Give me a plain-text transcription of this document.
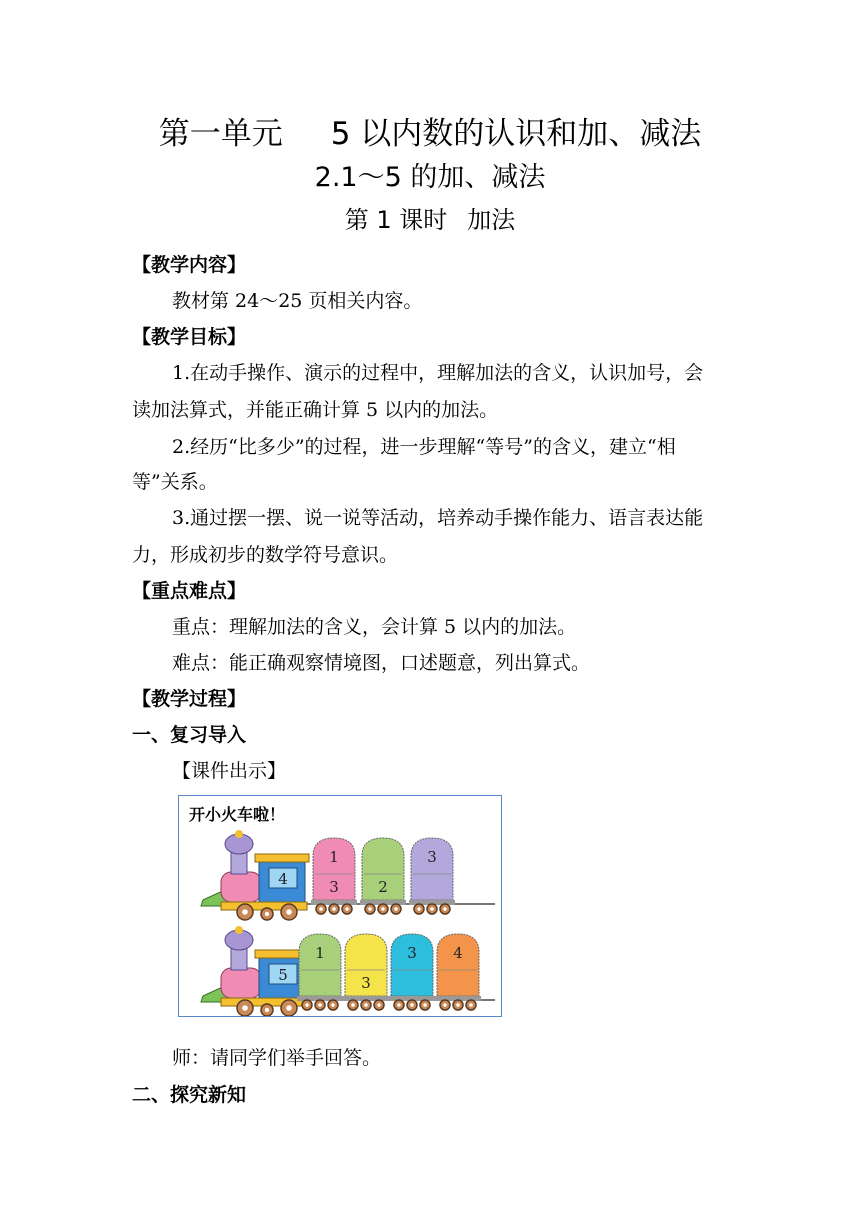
第一单元 5 以内数的认识和加、减法
2.1～5 的加、减法
第 1 课时 加法
【教学内容】
教材第 24～25 页相关内容。
【教学目标】
1.在动手操作、演示的过程中，理解加法的含义，认识加号，会
读加法算式，并能正确计算 5 以内的加法。
2.经历“比多少”的过程，进一步理解“等号”的含义，建立“相
等”关系。
3.通过摆一摆、说一说等活动，培养动手操作能力、语言表达能
力，形成初步的数学符号意识。
【重点难点】
重点：理解加法的含义，会计算 5 以内的加法。
难点：能正确观察情境图，口述题意，列出算式。
【教学过程】
一、复习导入
【课件出示】
开小火车啦！
4
1
3	2
3
5
1
3
3 4
师：请同学们举手回答。
二、探究新知
